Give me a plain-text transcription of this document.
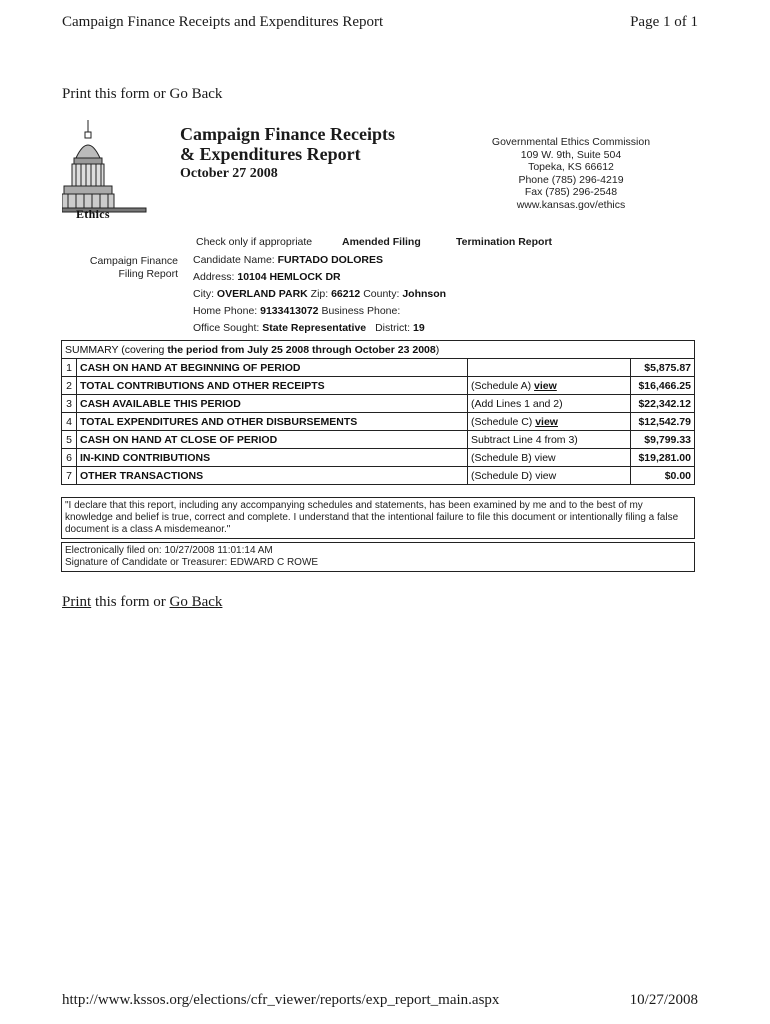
Campaign Finance Receipts and Expenditures Report	Page 1 of 1
Print this form or Go Back
Ethics
Campaign Finance Receipts
& Expenditures Report
October 27 2008
Governmental Ethics Commission
109 W. 9th, Suite 504
Topeka, KS 66612
Phone (785) 296-4219
Fax (785) 296-2548
www.kansas.gov/ethics
Campaign Finance
Filing Report
Check only if appropriate	Amended Filing	Termination Report
Candidate Name: FURTADO DOLORES
Address: 10104 HEMLOCK DR
City: OVERLAND PARK Zip: 66212 County: Johnson
Home Phone: 9133413072 Business Phone:
Office Sought: State Representative District: 19
SUMMARY (covering the period from July 25 2008 through October 23 2008)			
1	CASH ON HAND AT BEGINNING OF PERIOD		$5,875.87
2	TOTAL CONTRIBUTIONS AND OTHER RECEIPTS	(Schedule A) view	$16,466.25
3	CASH AVAILABLE THIS PERIOD	(Add Lines 1 and 2)	$22,342.12
4	TOTAL EXPENDITURES AND OTHER DISBURSEMENTS	(Schedule C) view	$12,542.79
5	CASH ON HAND AT CLOSE OF PERIOD	Subtract Line 4 from 3)	$9,799.33
6	IN-KIND CONTRIBUTIONS	(Schedule B) view	$19,281.00
7	OTHER TRANSACTIONS	(Schedule D) view	$0.00
"I declare that this report, including any accompanying schedules and statements, has been examined by me and to the best of my knowledge and belief is true, correct and complete. I understand that the intentional failure to file this document or intentionally filing a false document is a class A misdemeanor."
Electronically filed on: 10/27/2008 11:01:14 AM
Signature of Candidate or Treasurer: EDWARD C ROWE
Print this form or Go Back
http://www.kssos.org/elections/cfr_viewer/reports/exp_report_main.aspx	10/27/2008
